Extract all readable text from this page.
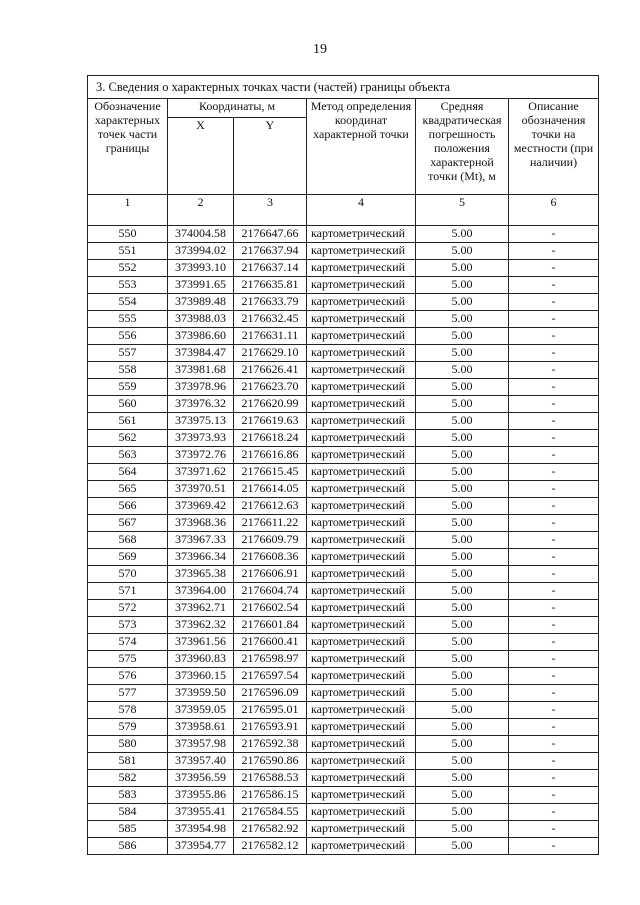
19
3. Сведения о характерных точках части (частей) границы объекта					
Обозначение характерных точек части границы	Координаты, м		Метод определения координат характерной точки	Средняя квадратическая погрешность положения характерной точки (Mt), м	Описание обозначения точки на местности (при наличии)
	X	Y			
1	2	3	4	5	6
550	374004.58	2176647.66	картометрический	5.00	-
551	373994.02	2176637.94	картометрический	5.00	-
552	373993.10	2176637.14	картометрический	5.00	-
553	373991.65	2176635.81	картометрический	5.00	-
554	373989.48	2176633.79	картометрический	5.00	-
555	373988.03	2176632.45	картометрический	5.00	-
556	373986.60	2176631.11	картометрический	5.00	-
557	373984.47	2176629.10	картометрический	5.00	-
558	373981.68	2176626.41	картометрический	5.00	-
559	373978.96	2176623.70	картометрический	5.00	-
560	373976.32	2176620.99	картометрический	5.00	-
561	373975.13	2176619.63	картометрический	5.00	-
562	373973.93	2176618.24	картометрический	5.00	-
563	373972.76	2176616.86	картометрический	5.00	-
564	373971.62	2176615.45	картометрический	5.00	-
565	373970.51	2176614.05	картометрический	5.00	-
566	373969.42	2176612.63	картометрический	5.00	-
567	373968.36	2176611.22	картометрический	5.00	-
568	373967.33	2176609.79	картометрический	5.00	-
569	373966.34	2176608.36	картометрический	5.00	-
570	373965.38	2176606.91	картометрический	5.00	-
571	373964.00	2176604.74	картометрический	5.00	-
572	373962.71	2176602.54	картометрический	5.00	-
573	373962.32	2176601.84	картометрический	5.00	-
574	373961.56	2176600.41	картометрический	5.00	-
575	373960.83	2176598.97	картометрический	5.00	-
576	373960.15	2176597.54	картометрический	5.00	-
577	373959.50	2176596.09	картометрический	5.00	-
578	373959.05	2176595.01	картометрический	5.00	-
579	373958.61	2176593.91	картометрический	5.00	-
580	373957.98	2176592.38	картометрический	5.00	-
581	373957.40	2176590.86	картометрический	5.00	-
582	373956.59	2176588.53	картометрический	5.00	-
583	373955.86	2176586.15	картометрический	5.00	-
584	373955.41	2176584.55	картометрический	5.00	-
585	373954.98	2176582.92	картометрический	5.00	-
586	373954.77	2176582.12	картометрический	5.00	-
